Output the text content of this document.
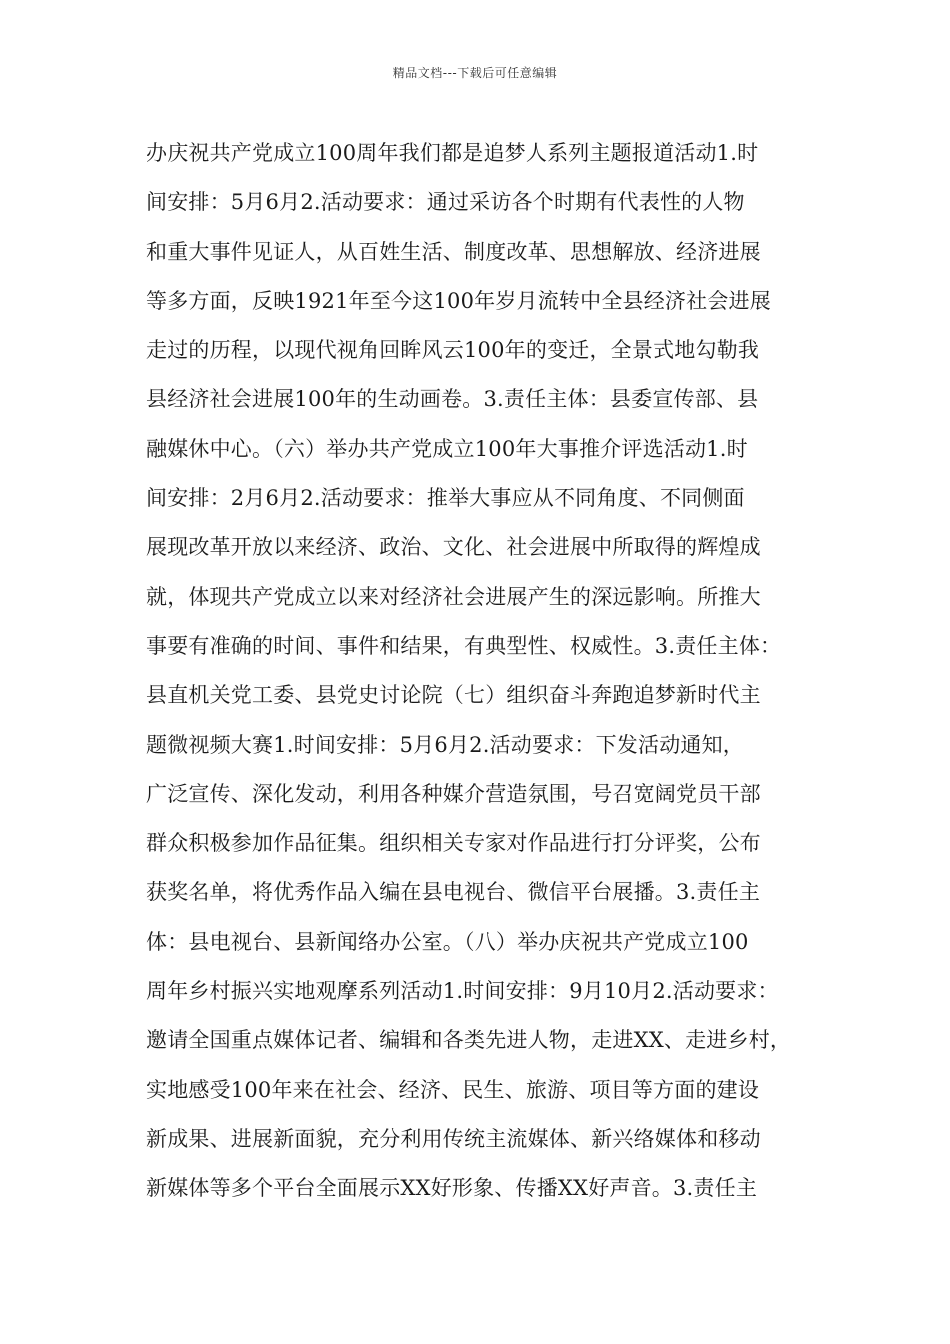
精品文档---下载后可任意编辑
办庆祝共产党成立100周年我们都是追梦人系列主题报道活动1.时
间安排：5月6月2.活动要求：通过采访各个时期有代表性的人物
和重大事件见证人，从百姓生活、制度改革、思想解放、经济进展
等多方面，反映1921年至今这100年岁月流转中全县经济社会进展
走过的历程，以现代视角回眸风云100年的变迁，全景式地勾勒我
县经济社会进展100年的生动画卷。3.责任主体：县委宣传部、县
融媒休中心。（六）举办共产党成立100年大事推介评选活动1.时
间安排：2月6月2.活动要求：推举大事应从不同角度、不同侧面
展现改革开放以来经济、政治、文化、社会进展中所取得的辉煌成
就，体现共产党成立以来对经济社会进展产生的深远影响。所推大
事要有准确的时间、事件和结果，有典型性、权威性。3.责任主体：
县直机关党工委、县党史讨论院（七）组织奋斗奔跑追梦新时代主
题微视频大赛1.时间安排：5月6月2.活动要求：下发活动通知，
广泛宣传、深化发动，利用各种媒介营造氛围，号召宽阔党员干部
群众积极参加作品征集。组织相关专家对作品进行打分评奖，公布
获奖名单，将优秀作品入编在县电视台、微信平台展播。3.责任主
体：县电视台、县新闻络办公室。（八）举办庆祝共产党成立100
周年乡村振兴实地观摩系列活动1.时间安排：9月10月2.活动要求：
邀请全国重点媒体记者、编辑和各类先进人物，走进XX、走进乡村，
实地感受100年来在社会、经济、民生、旅游、项目等方面的建设
新成果、进展新面貌，充分利用传统主流媒体、新兴络媒体和移动
新媒体等多个平台全面展示XX好形象、传播XX好声音。3.责任主
